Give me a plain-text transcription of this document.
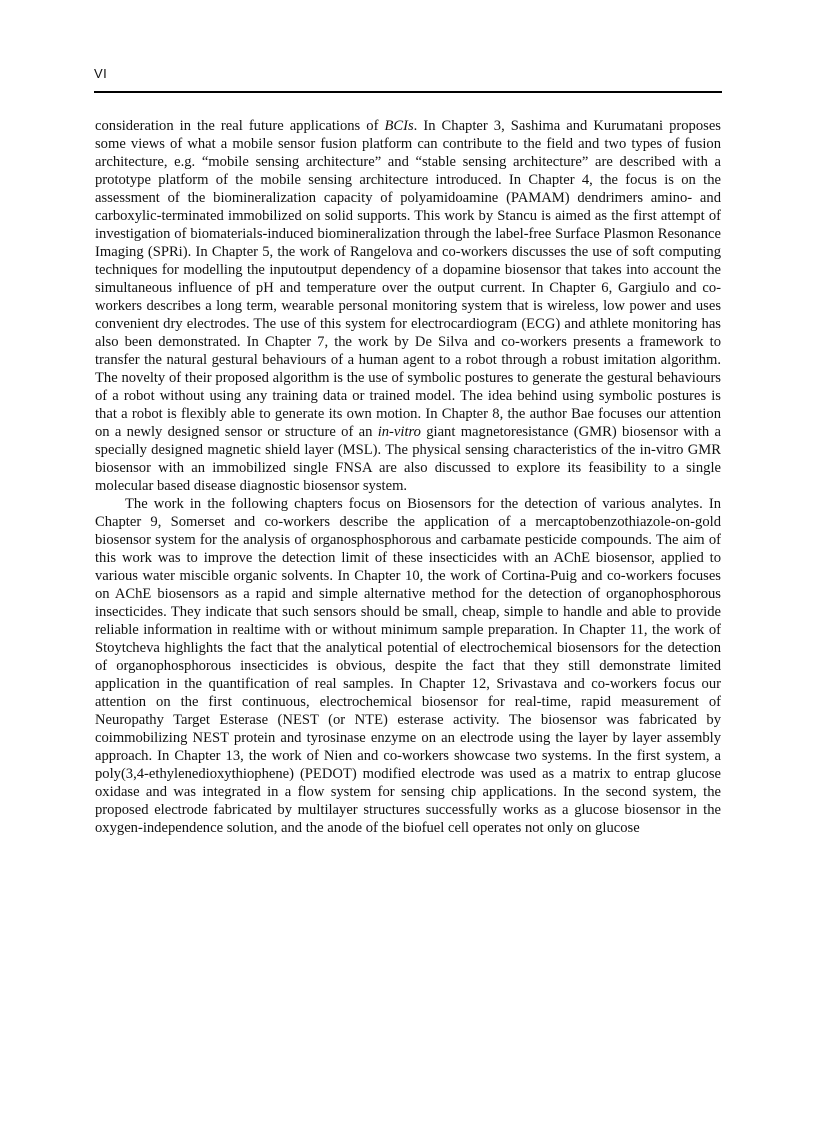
VI

consideration in the real future applications of BCIs. In Chapter 3, Sashima and Kurumatani proposes some views of what a mobile sensor fusion platform can contribute to the field and two types of fusion architecture, e.g. “mobile sensing architecture” and “stable sensing architecture” are described with a prototype platform of the mobile sensing architecture introduced. In Chapter 4, the focus is on the assessment of the biomineralization capacity of polyamidoamine (PAMAM) dendrimers amino- and carboxylic-terminated immobilized on solid supports. This work by Stancu is aimed as the first attempt of investigation of biomaterials-induced biomineralization through the label-free Surface Plasmon Resonance Imaging (SPRi). In Chapter 5, the work of Rangelova and co-workers discusses the use of soft computing techniques for modelling the inputoutput dependency of a dopamine biosensor that takes into account the simultaneous influence of pH and temperature over the output current. In Chapter 6, Gargiulo and co-workers describes a long term, wearable personal monitoring system that is wireless, low power and uses convenient dry electrodes. The use of this system for electrocardiogram (ECG) and athlete monitoring has also been demonstrated. In Chapter 7, the work by De Silva and co-workers presents a framework to transfer the natural gestural behaviours of a human agent to a robot through a robust imitation algorithm. The novelty of their proposed algorithm is the use of symbolic postures to generate the gestural behaviours of a robot without using any training data or trained model. The idea behind using symbolic postures is that a robot is flexibly able to generate its own motion. In Chapter 8, the author Bae focuses our attention on a newly designed sensor or structure of an in-vitro giant magnetoresistance (GMR) biosensor with a specially designed magnetic shield layer (MSL). The physical sensing characteristics of the in-vitro GMR biosensor with an immobilized single FNSA are also discussed to explore its feasibility to a single molecular based disease diagnostic biosensor system.

The work in the following chapters focus on Biosensors for the detection of various analytes. In Chapter 9, Somerset and co-workers describe the application of a mercaptobenzothiazole-on-gold biosensor system for the analysis of organosphosphorous and carbamate pesticide compounds. The aim of this work was to improve the detection limit of these insecticides with an AChE biosensor, applied to various water miscible organic solvents. In Chapter 10, the work of Cortina-Puig and co-workers focuses on AChE biosensors as a rapid and simple alternative method for the detection of organophosphorous insecticides. They indicate that such sensors should be small, cheap, simple to handle and able to provide reliable information in realtime with or without minimum sample preparation. In Chapter 11, the work of Stoytcheva highlights the fact that the analytical potential of electrochemical biosensors for the detection of organophosphorous insecticides is obvious, despite the fact that they still demonstrate limited application in the quantification of real samples. In Chapter 12, Srivastava and co-workers focus our attention on the first continuous, electrochemical biosensor for real-time, rapid measurement of Neuropathy Target Esterase (NEST (or NTE) esterase activity. The biosensor was fabricated by coimmobilizing NEST protein and tyrosinase enzyme on an electrode using the layer by layer assembly approach. In Chapter 13, the work of Nien and co-workers showcase two systems. In the first system, a poly(3,4-ethylenedioxythiophene) (PEDOT) modified electrode was used as a matrix to entrap glucose oxidase and was integrated in a flow system for sensing chip applications. In the second system, the proposed electrode fabricated by multilayer structures successfully works as a glucose biosensor in the oxygen-independence solution, and the anode of the biofuel cell operates not only on glucose
